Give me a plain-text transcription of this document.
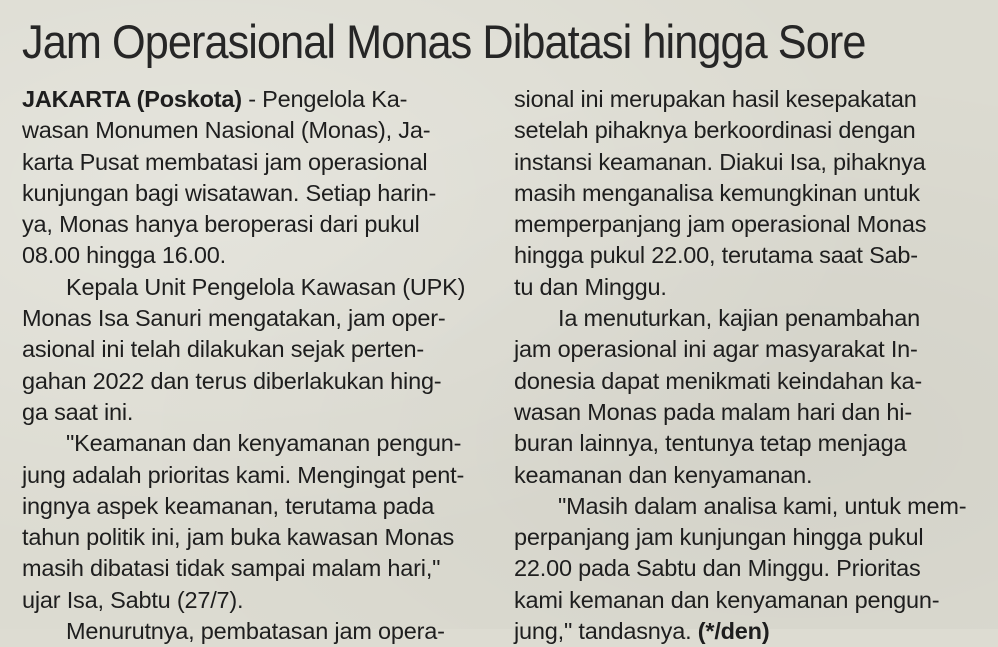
Jam Operasional Monas Dibatasi hingga Sore
JAKARTA (Poskota) - Pengelola Ka-
wasan Monumen Nasional (Monas), Ja-
karta Pusat membatasi jam operasional
kunjungan bagi wisatawan. Setiap harin-
ya, Monas hanya beroperasi dari pukul
08.00 hingga 16.00.
Kepala Unit Pengelola Kawasan (UPK)
Monas Isa Sanuri mengatakan, jam oper-
asional ini telah dilakukan sejak perten-
gahan 2022 dan terus diberlakukan hing-
ga saat ini.
"Keamanan dan kenyamanan pengun-
jung adalah prioritas kami. Mengingat pent-
ingnya aspek keamanan, terutama pada
tahun politik ini, jam buka kawasan Monas
masih dibatasi tidak sampai malam hari,"
ujar Isa, Sabtu (27/7).
Menurutnya, pembatasan jam opera-
sional ini merupakan hasil kesepakatan
setelah pihaknya berkoordinasi dengan
instansi keamanan. Diakui Isa, pihaknya
masih menganalisa kemungkinan untuk
memperpanjang jam operasional Monas
hingga pukul 22.00, terutama saat Sab-
tu dan Minggu.
Ia menuturkan, kajian penambahan
jam operasional ini agar masyarakat In-
donesia dapat menikmati keindahan ka-
wasan Monas pada malam hari dan hi-
buran lainnya, tentunya tetap menjaga
keamanan dan kenyamanan.
"Masih dalam analisa kami, untuk mem-
perpanjang jam kunjungan hingga pukul
22.00 pada Sabtu dan Minggu. Prioritas
kami kemanan dan kenyamanan pengun-
jung," tandasnya. (*/den)
